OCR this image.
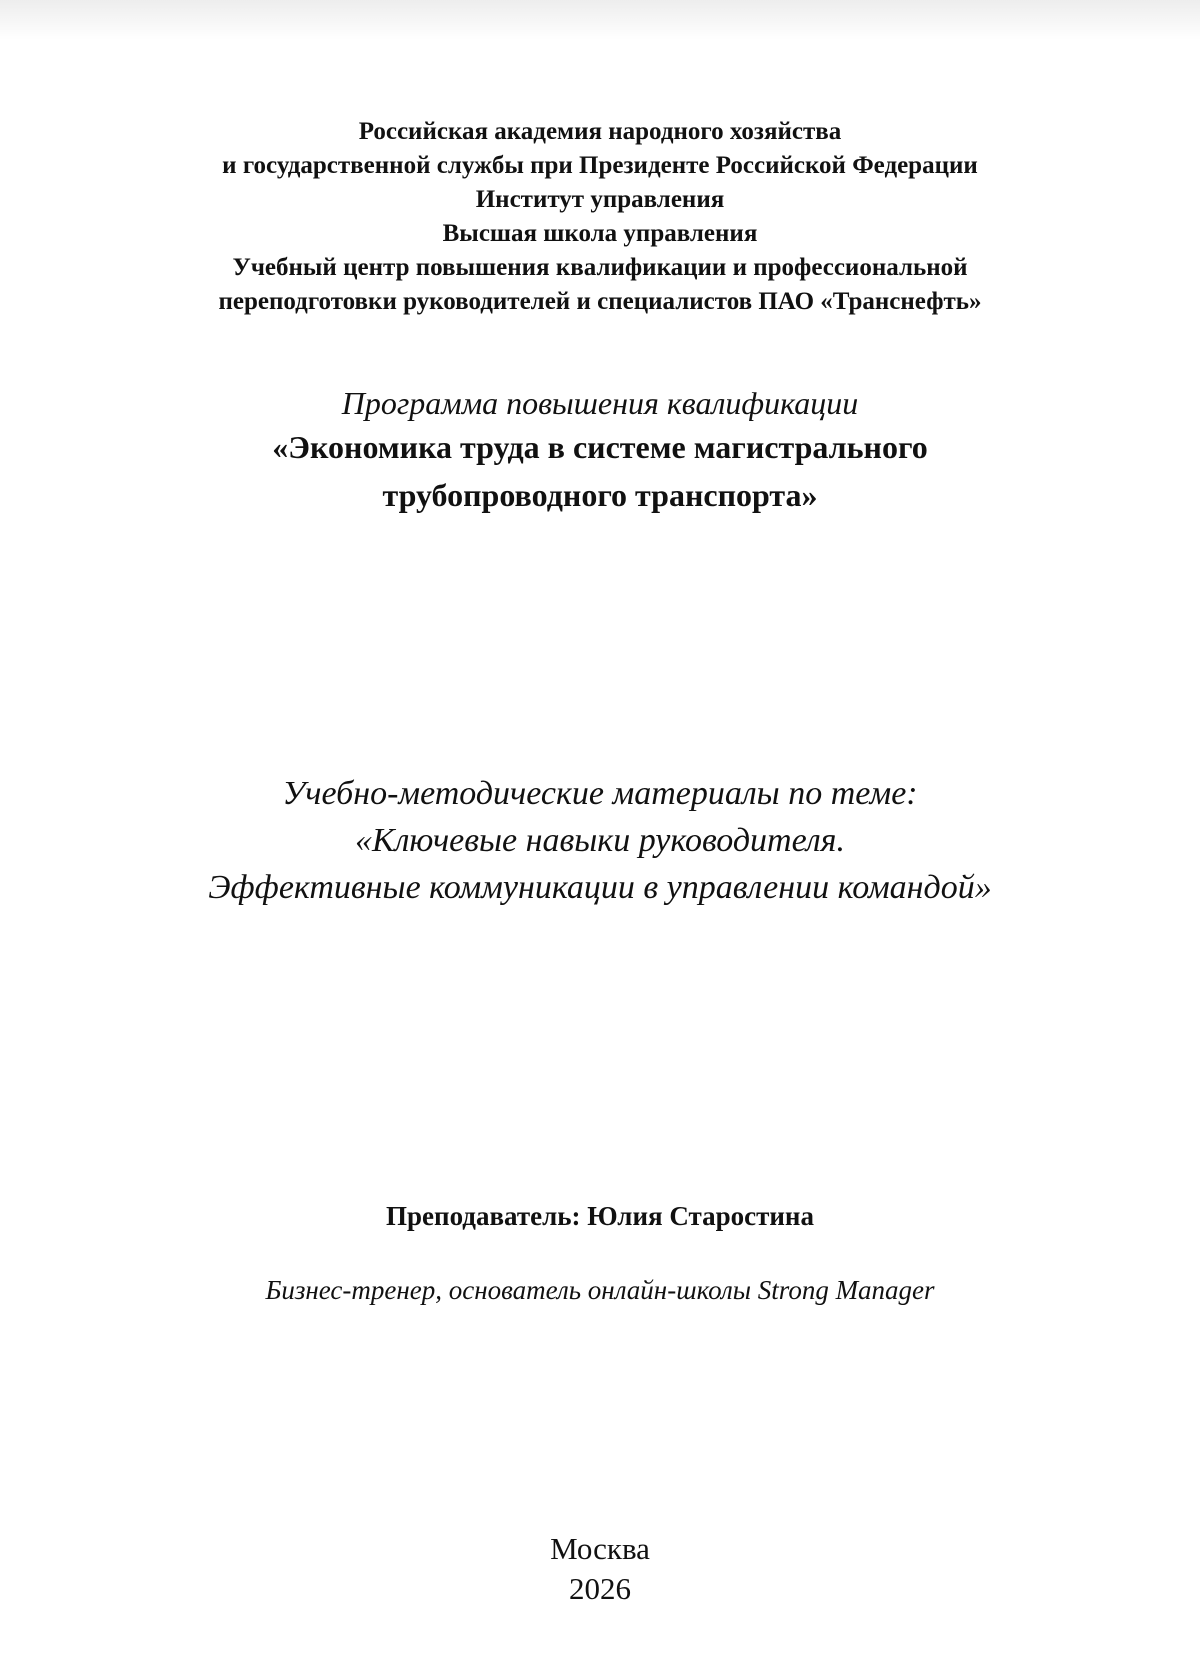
Российская академия народного хозяйства
и государственной службы при Президенте Российской Федерации
Институт управления
Высшая школа управления
Учебный центр повышения квалификации и профессиональной
переподготовки руководителей и специалистов ПАО «Транснефть»
Программа повышения квалификации
«Экономика труда в системе магистрального
трубопроводного транспорта»
Учебно-методические материалы по теме:
«Ключевые навыки руководителя.
Эффективные коммуникации в управлении командой»
Преподаватель: Юлия Старостина
Бизнес-тренер, основатель онлайн-школы Strong Manager
Москва
2026
